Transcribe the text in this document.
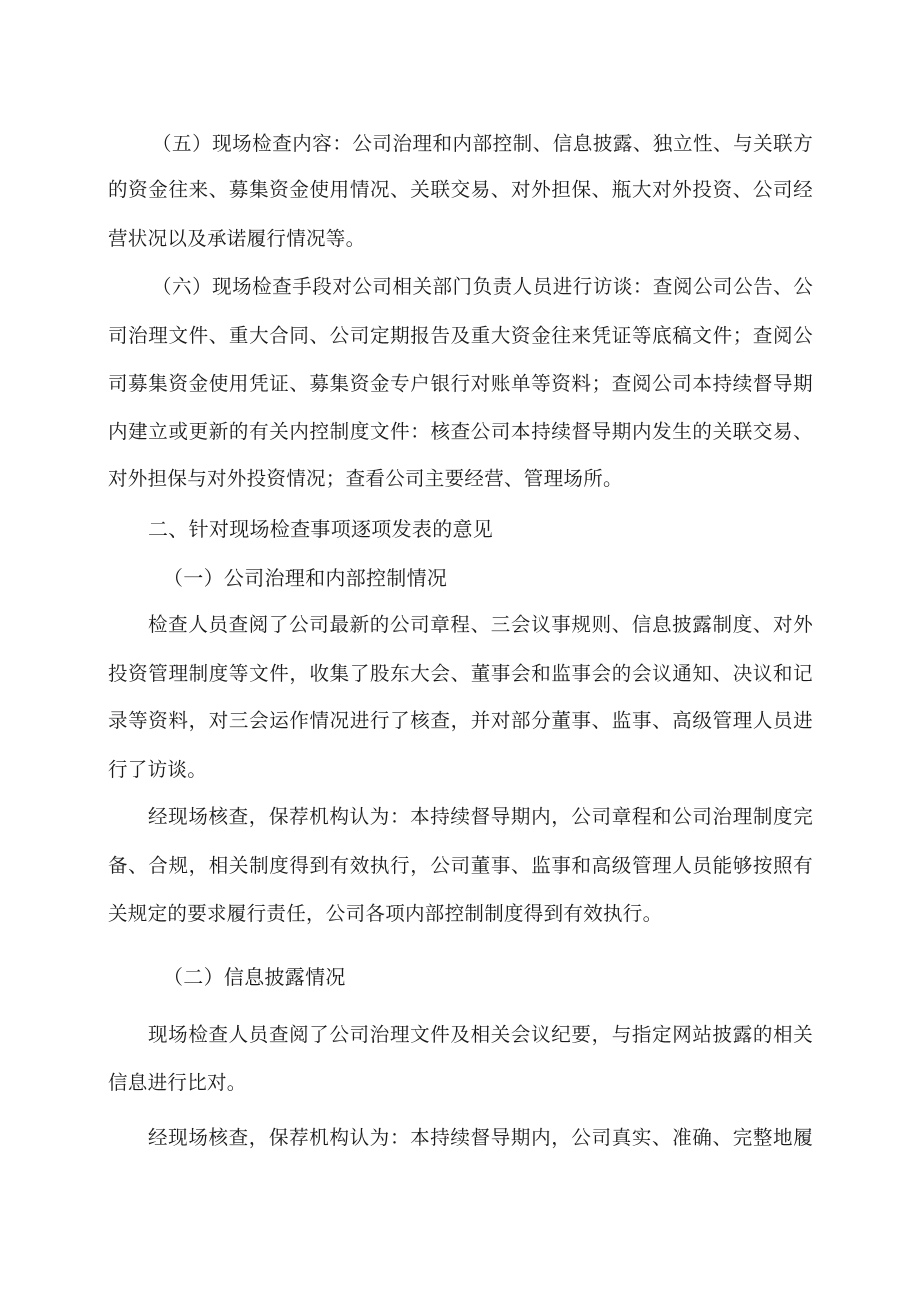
（五）现场检查内容：公司治理和内部控制、信息披露、独立性、与关联方
的资金往来、募集资金使用情况、关联交易、对外担保、瓶大对外投资、公司经
营状况以及承诺履行情况等。
（六）现场检查手段对公司相关部门负责人员进行访谈：查阅公司公告、公
司治理文件、重大合同、公司定期报告及重大资金往来凭证等底稿文件；查阅公
司募集资金使用凭证、募集资金专户银行对账单等资料；查阅公司本持续督导期
内建立或更新的有关内控制度文件：核查公司本持续督导期内发生的关联交易、
对外担保与对外投资情况；查看公司主要经营、管理场所。
二、针对现场检查事项逐项发表的意见
（一）公司治理和内部控制情况
检查人员查阅了公司最新的公司章程、三会议事规则、信息披露制度、对外
投资管理制度等文件，收集了股东大会、董事会和监事会的会议通知、决议和记
录等资料，对三会运作情况进行了核查，并对部分董事、监事、高级管理人员进
行了访谈。
经现场核查，保荐机构认为：本持续督导期内，公司章程和公司治理制度完
备、合规，相关制度得到有效执行，公司董事、监事和高级管理人员能够按照有
关规定的要求履行责任，公司各项内部控制制度得到有效执行。
（二）信息披露情况
现场检查人员查阅了公司治理文件及相关会议纪要，与指定网站披露的相关
信息进行比对。
经现场核查，保荐机构认为：本持续督导期内，公司真实、准确、完整地履
